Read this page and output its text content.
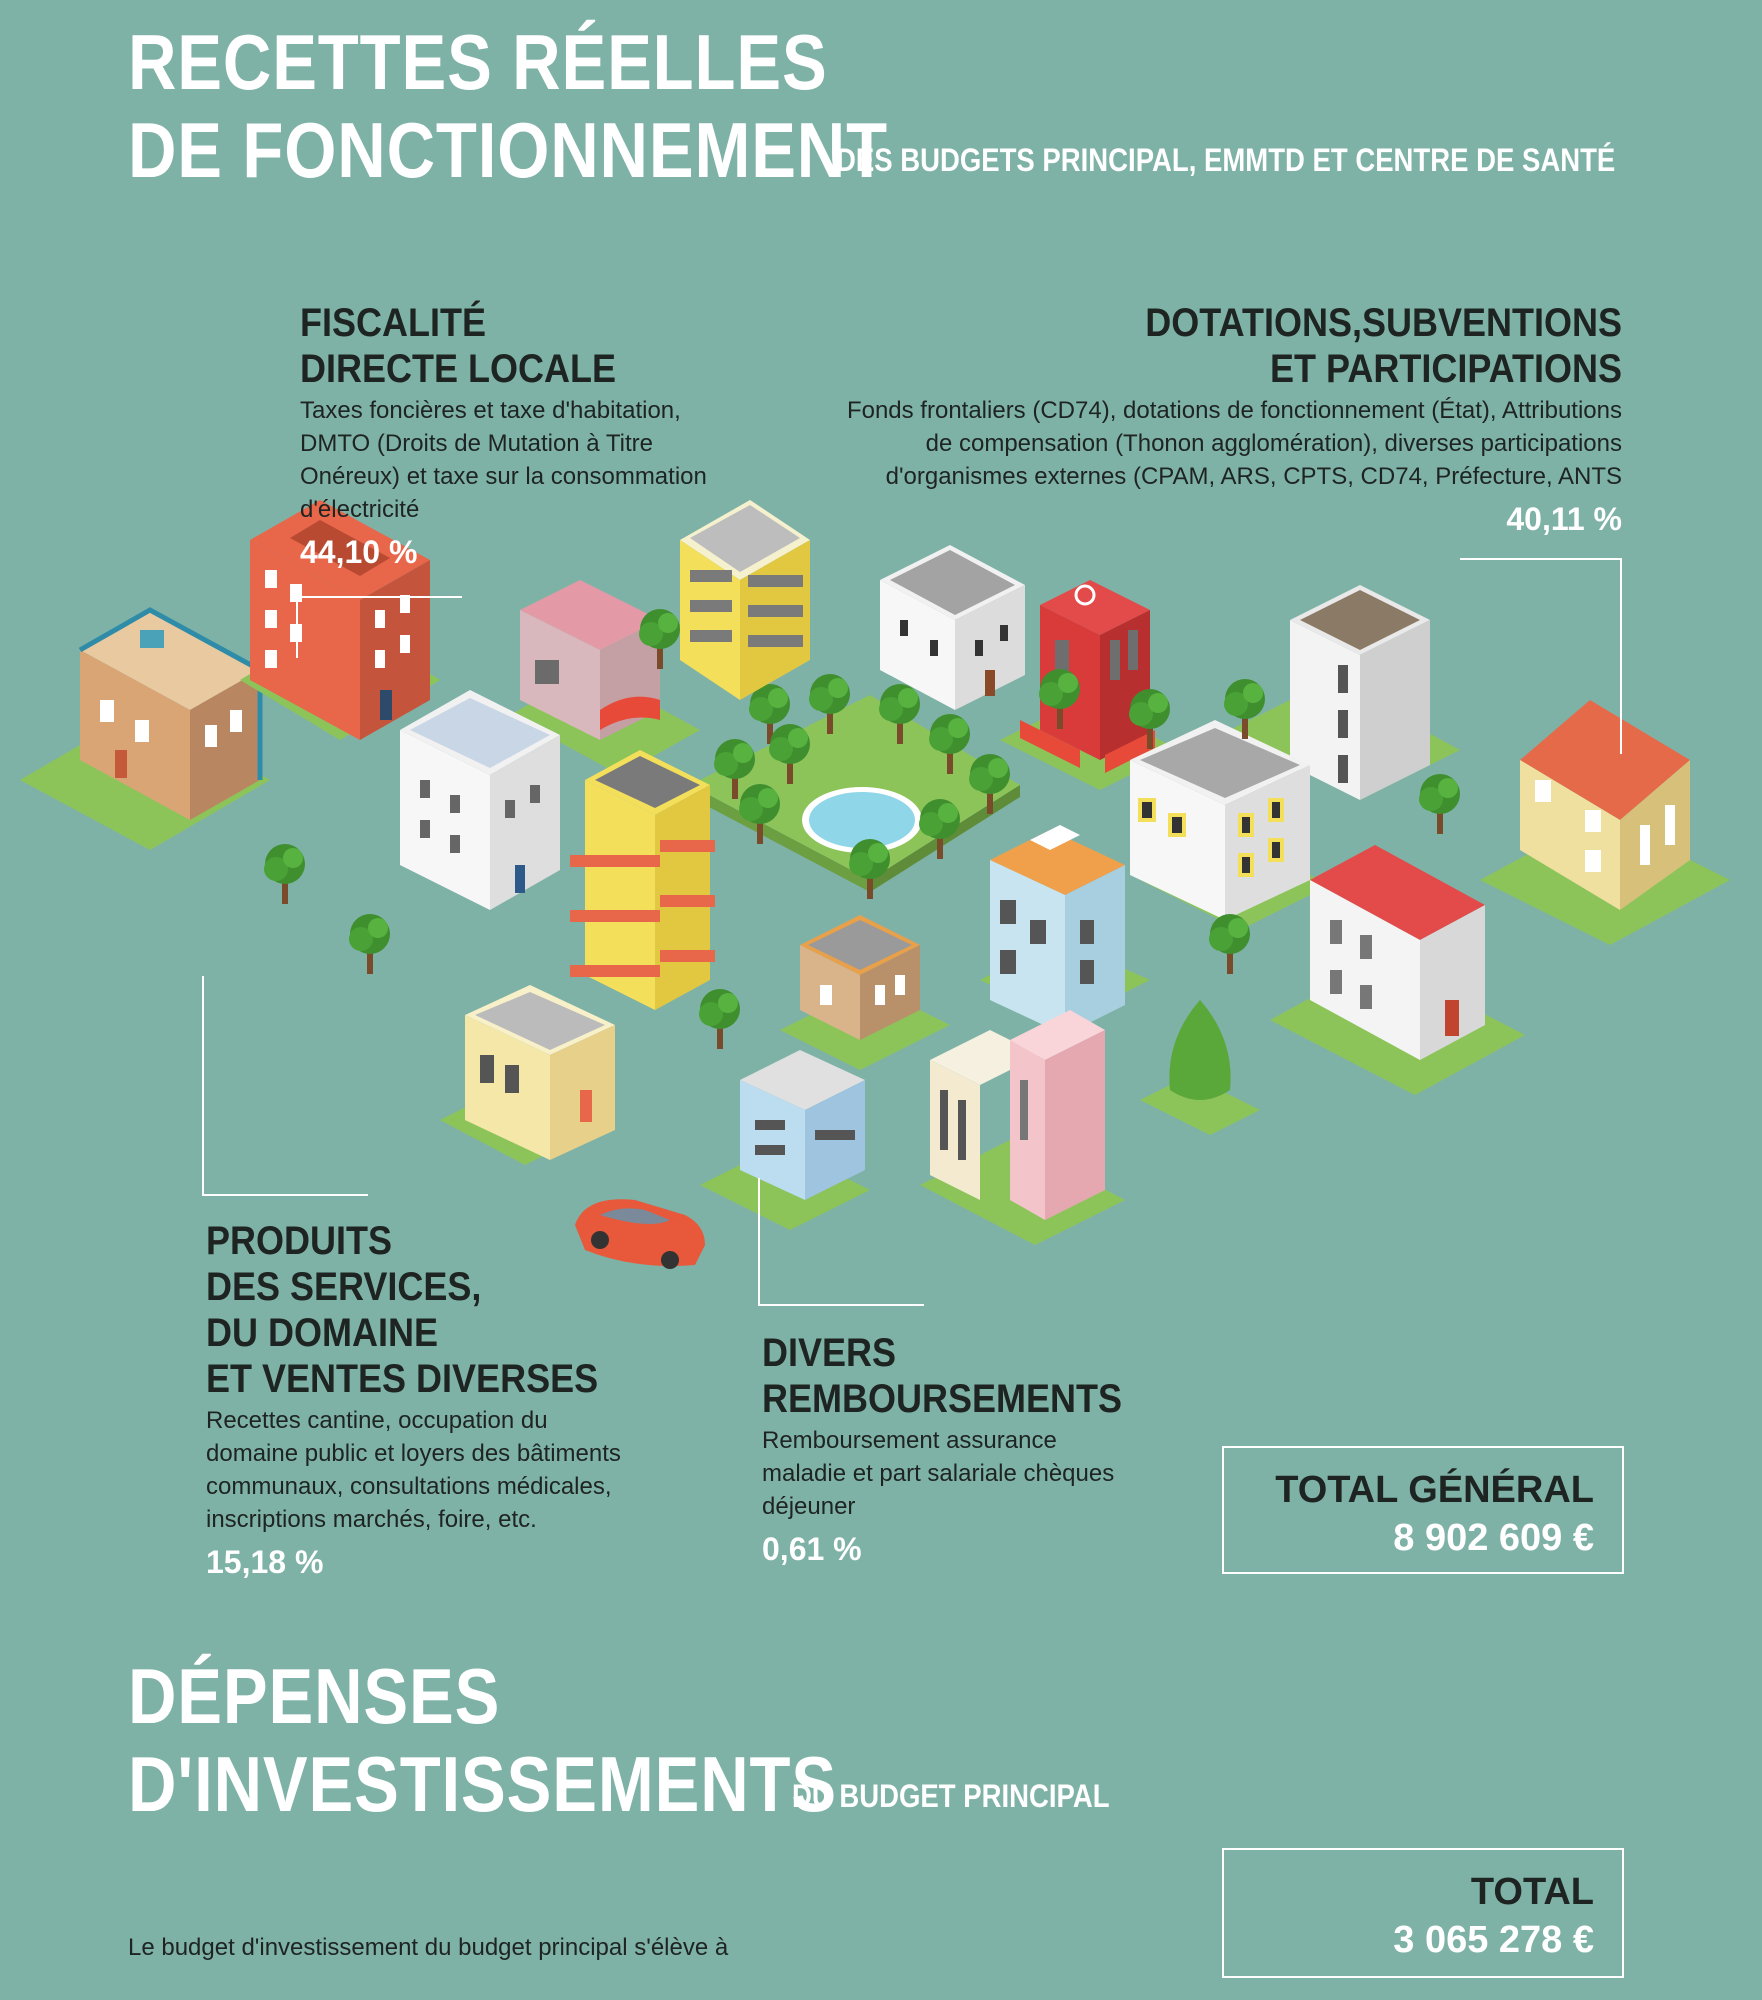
RECETTES RÉELLES
DE FONCTIONNEMENT
DES BUDGETS PRINCIPAL, EMMTD ET CENTRE DE SANTÉ
FISCALITÉ
DIRECTE LOCALE
Taxes foncières et taxe d'habitation, DMTO (Droits de Mutation à Titre Onéreux) et taxe sur la consommation d'électricité
44,10 %
DOTATIONS,SUBVENTIONS
ET PARTICIPATIONS
Fonds frontaliers (CD74), dotations de fonctionnement (État), Attributions
de compensation (Thonon agglomération), diverses participations
d'organismes externes (CPAM, ARS, CPTS, CD74, Préfecture, ANTS
40,11 %
PRODUITS
DES SERVICES,
DU DOMAINE
ET VENTES DIVERSES
Recettes cantine, occupation du domaine public et loyers des bâtiments communaux, consultations médicales, inscriptions marchés, foire, etc.
15,18 %
DIVERS
REMBOURSEMENTS
Remboursement assurance maladie et part salariale chèques déjeuner
0,61 %
TOTAL GÉNÉRAL
8 902 609 €
DÉPENSES
D'INVESTISSEMENTS
DU BUDGET PRINCIPAL
Le budget d'investissement du budget principal s'élève à
TOTAL
3 065 278 €
